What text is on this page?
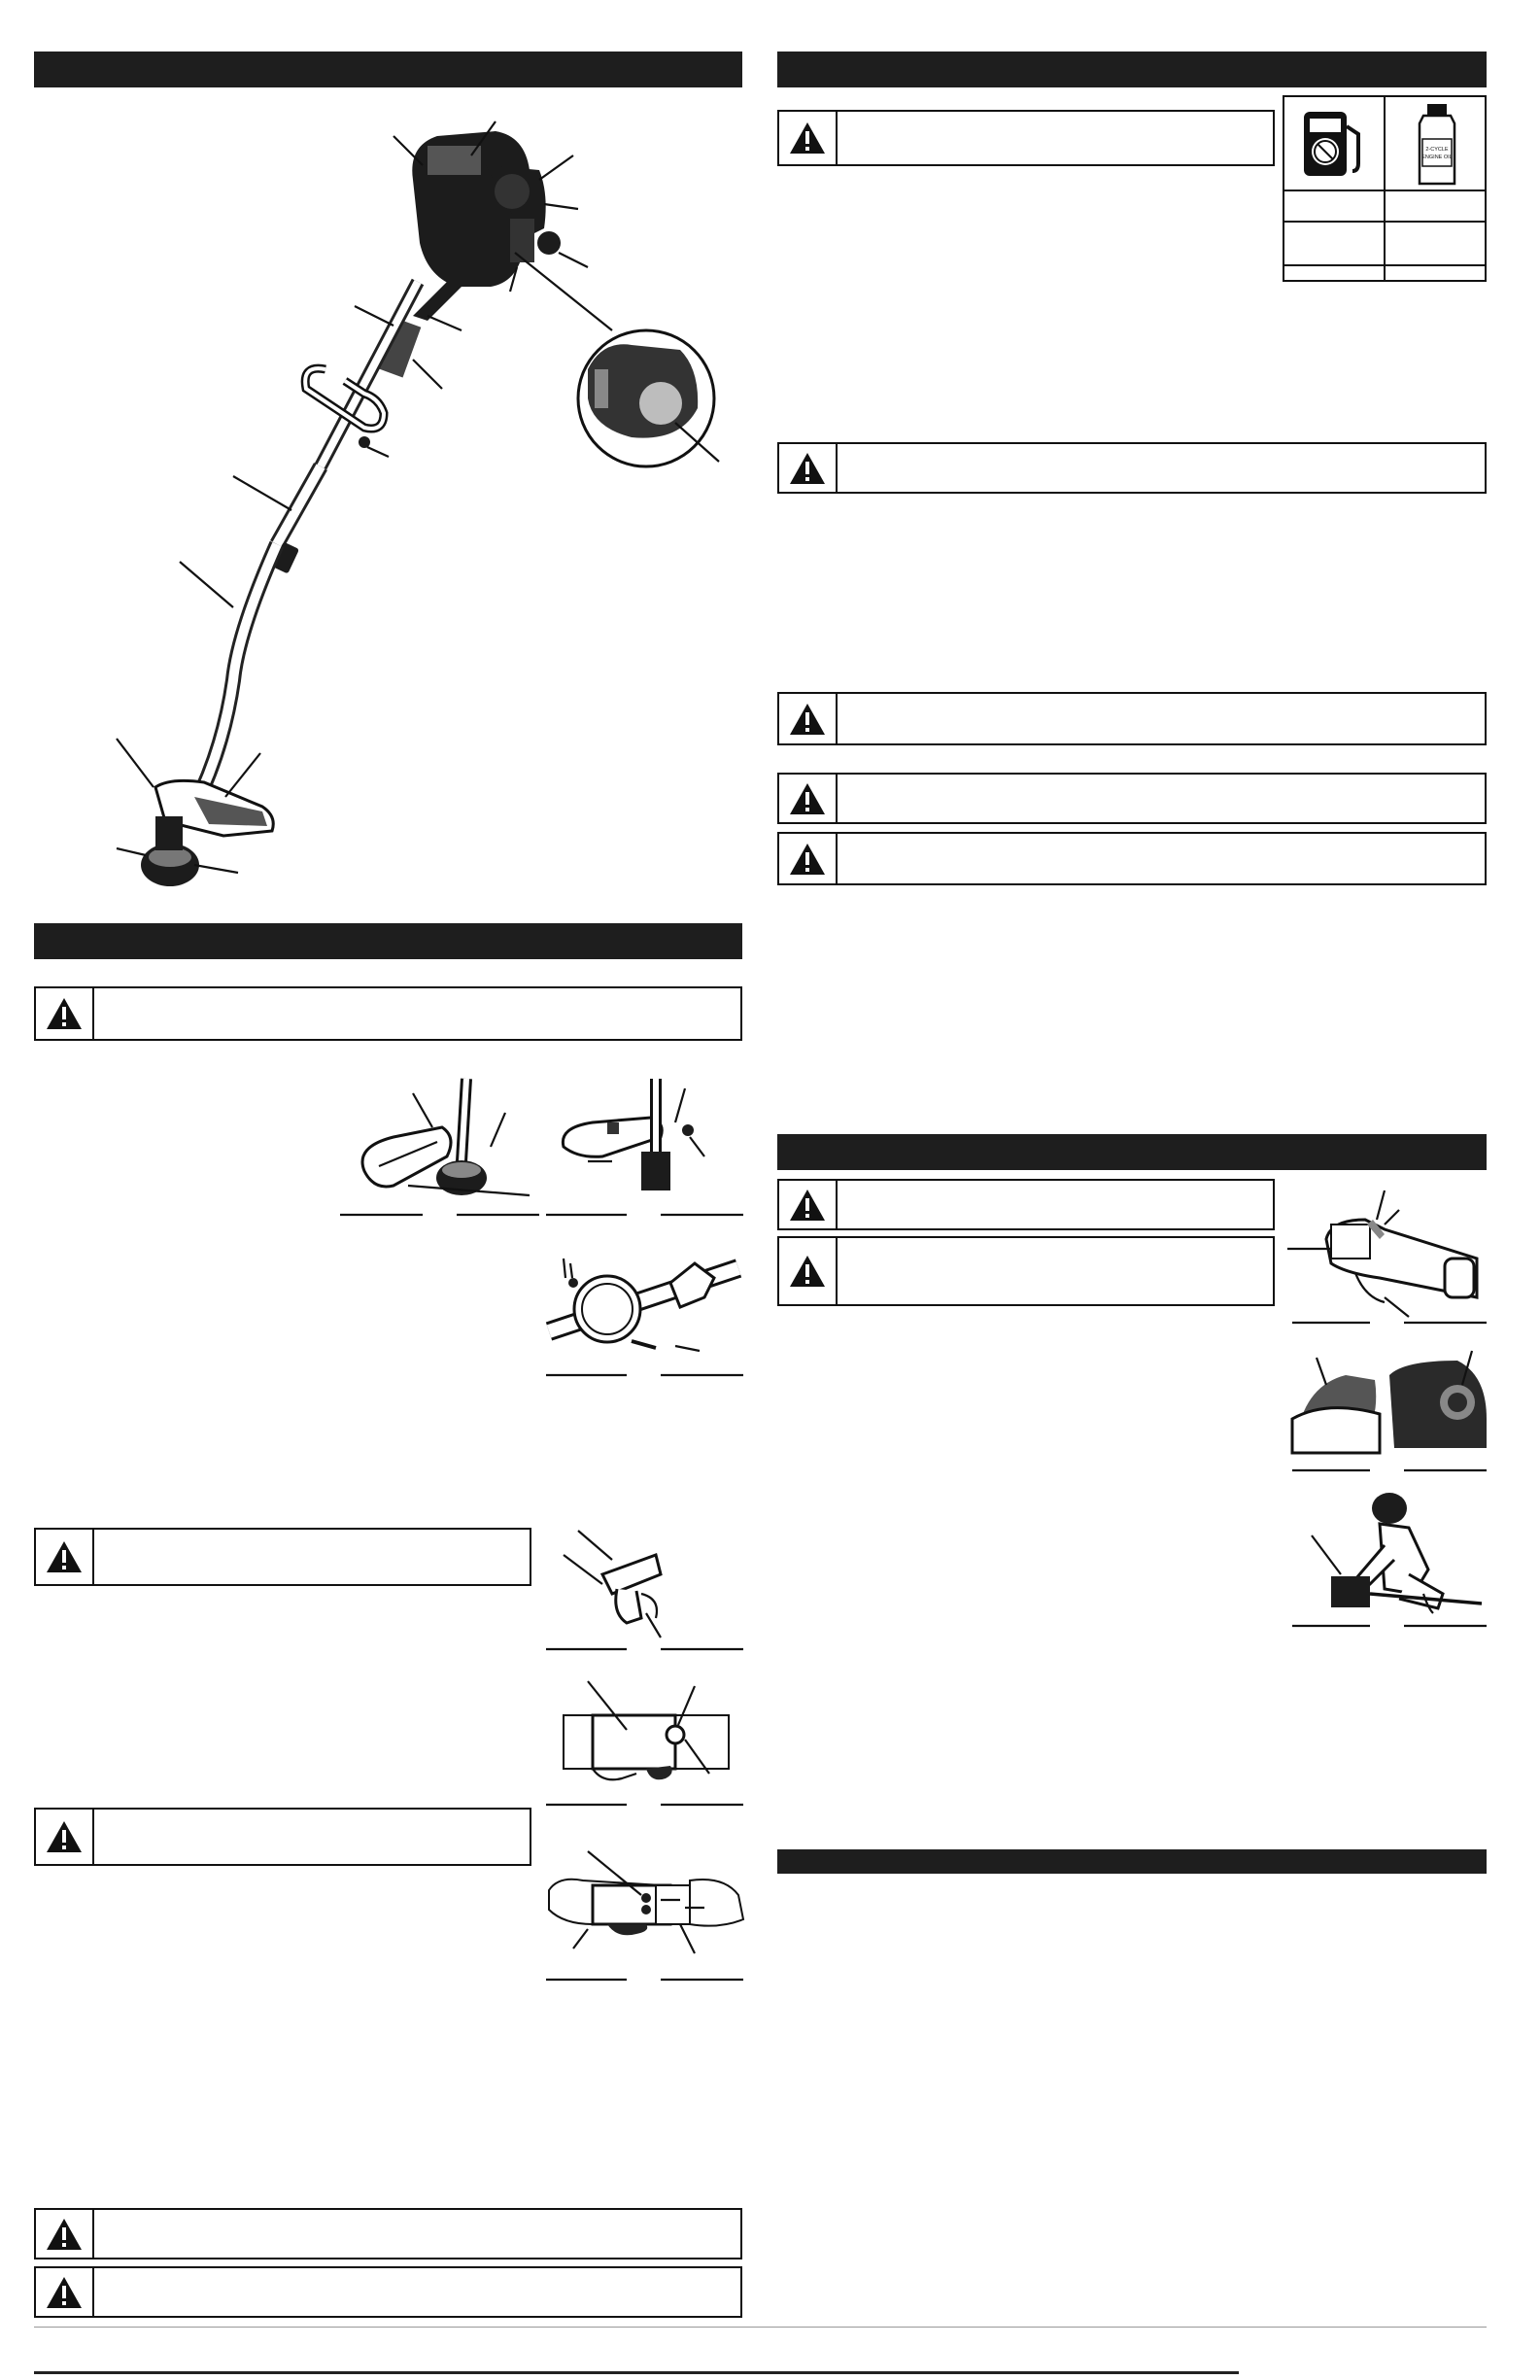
2-CYCLE
ENGINE OIL
